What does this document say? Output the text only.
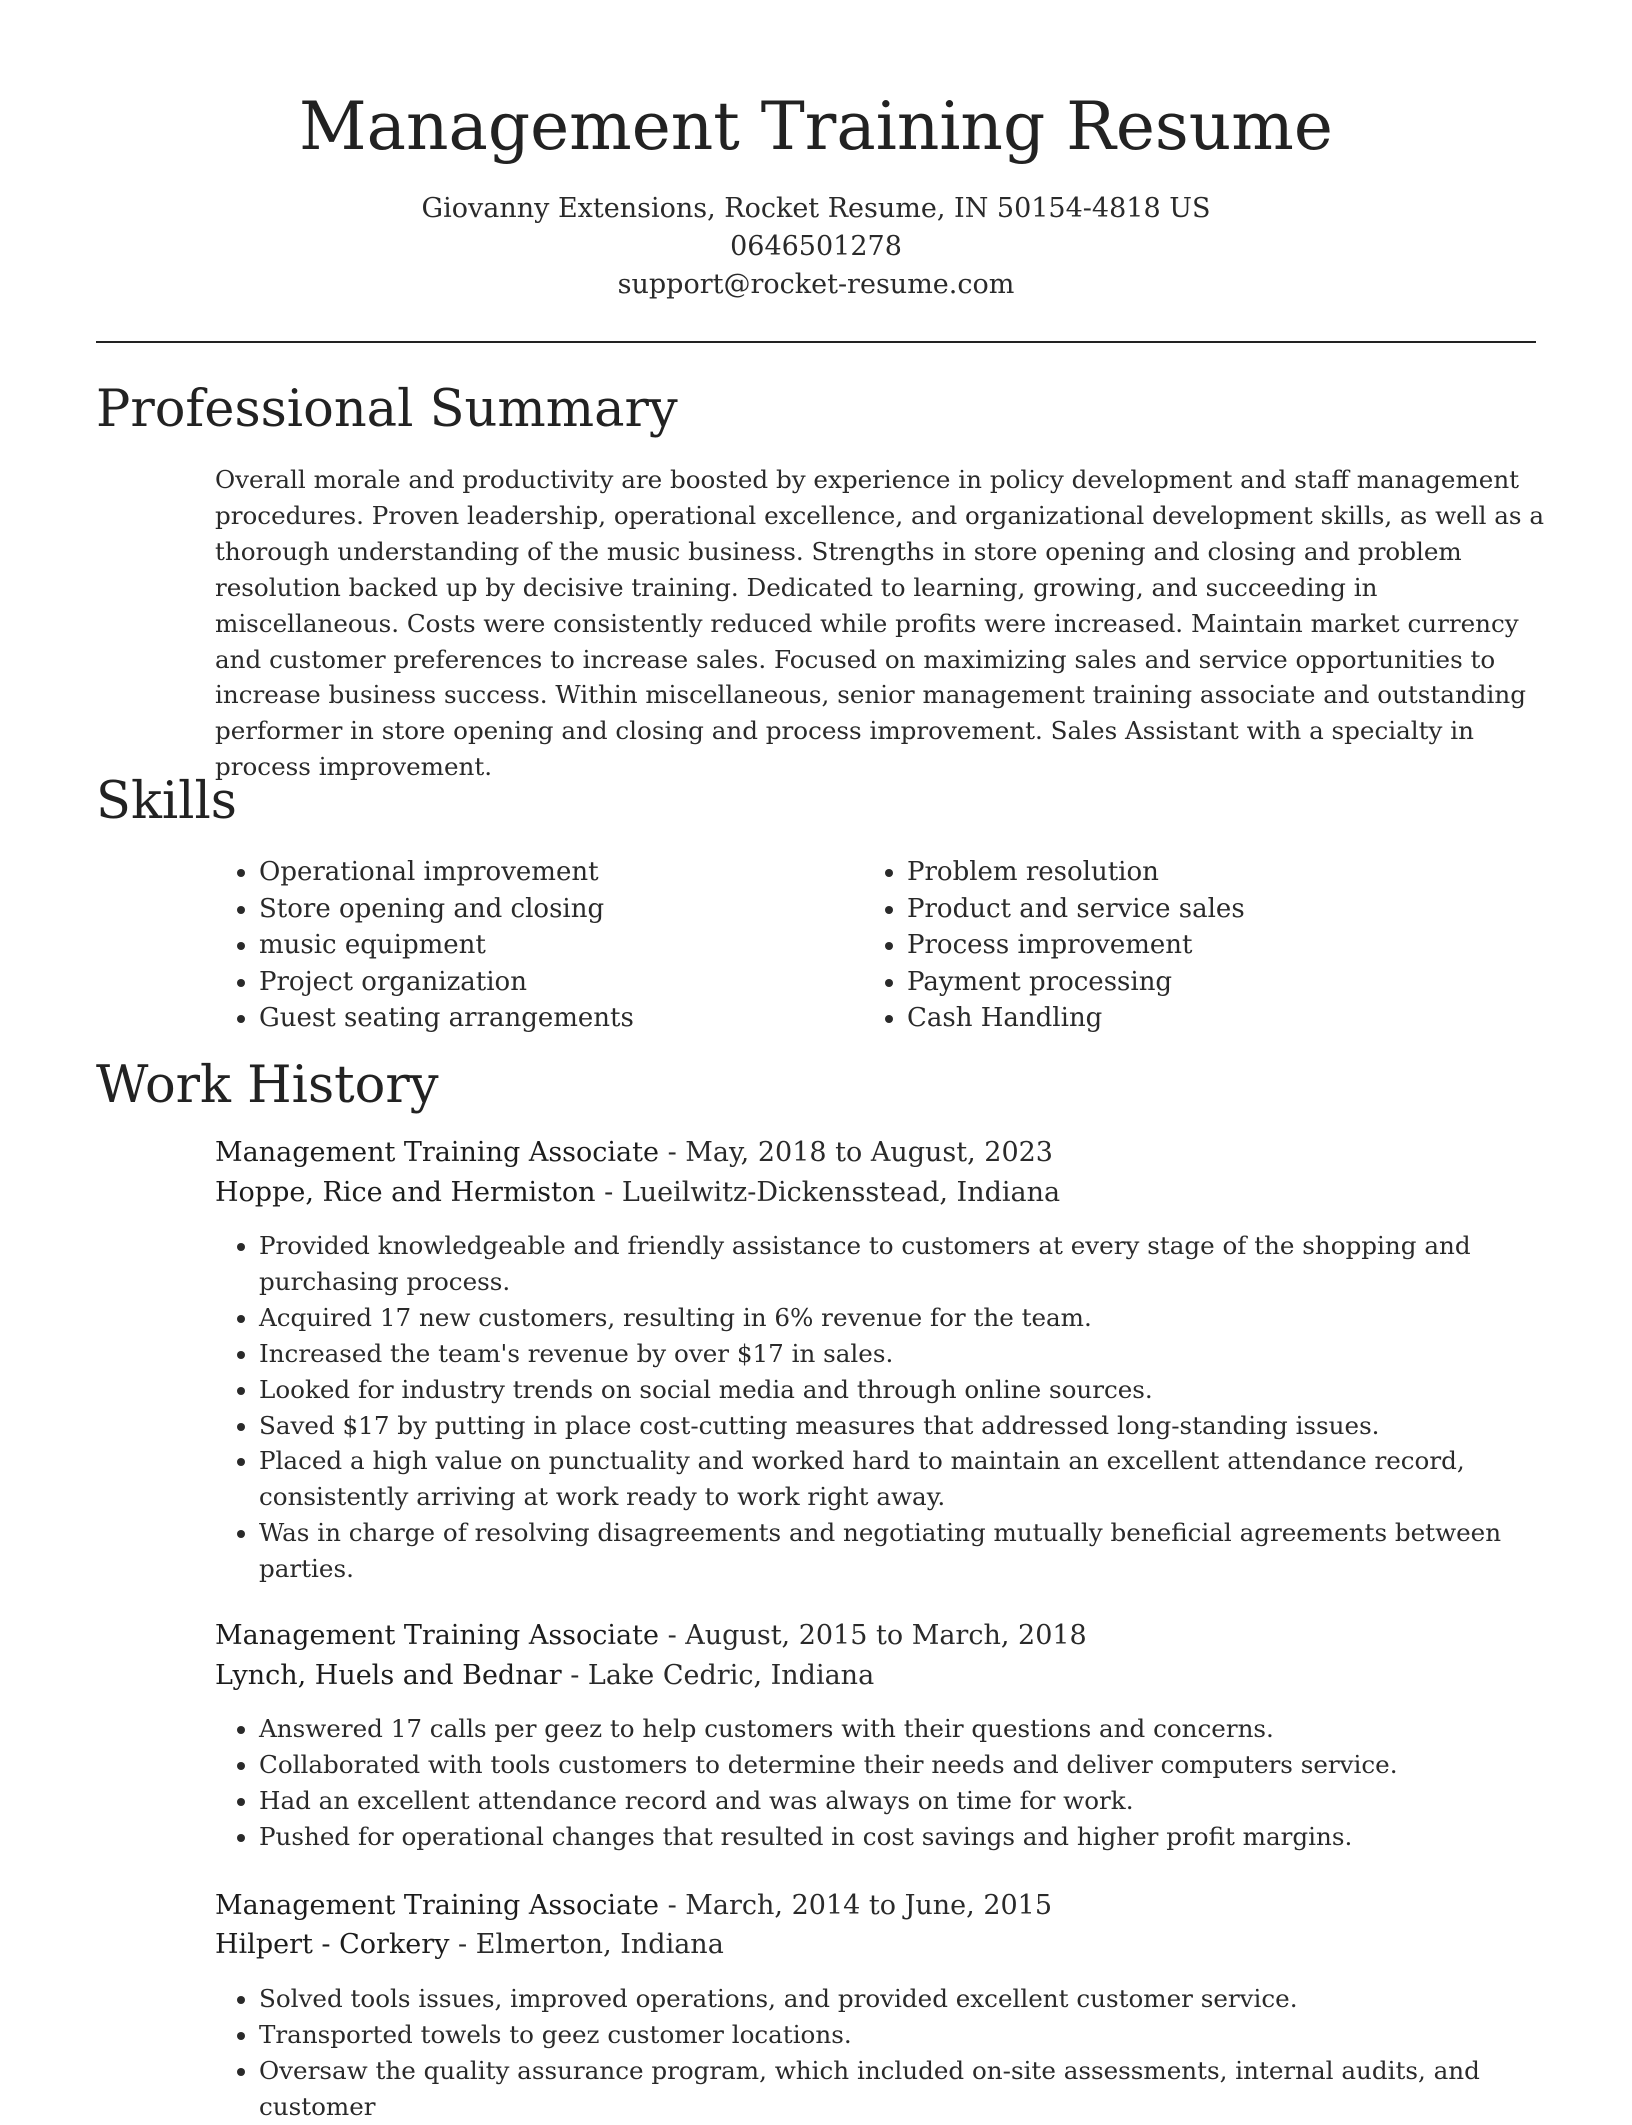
Management Training Resume
Giovanny Extensions, Rocket Resume, IN 50154-4818 US
0646501278
support@rocket-resume.com
Professional Summary
Overall morale and productivity are boosted by experience in policy development and staff management procedures. Proven leadership, operational excellence, and organizational development skills, as well as a thorough understanding of the music business. Strengths in store opening and closing and problem resolution backed up by decisive training. Dedicated to learning, growing, and succeeding in miscellaneous. Costs were consistently reduced while profits were increased. Maintain market currency and customer preferences to increase sales. Focused on maximizing sales and service opportunities to increase business success. Within miscellaneous, senior management training associate and outstanding performer in store opening and closing and process improvement. Sales Assistant with a specialty in process improvement.
Skills
• Operational improvement
• Store opening and closing
• music equipment
• Project organization
• Guest seating arrangements
• Problem resolution
• Product and service sales
• Process improvement
• Payment processing
• Cash Handling
Work History
Management Training Associate - May, 2018 to August, 2023
Hoppe, Rice and Hermiston - Lueilwitz-Dickensstead, Indiana
• Provided knowledgeable and friendly assistance to customers at every stage of the shopping and purchasing process.
• Acquired 17 new customers, resulting in 6% revenue for the team.
• Increased the team's revenue by over $17 in sales.
• Looked for industry trends on social media and through online sources.
• Saved $17 by putting in place cost-cutting measures that addressed long-standing issues.
• Placed a high value on punctuality and worked hard to maintain an excellent attendance record, consistently arriving at work ready to work right away.
• Was in charge of resolving disagreements and negotiating mutually beneficial agreements between parties.
Management Training Associate - August, 2015 to March, 2018
Lynch, Huels and Bednar - Lake Cedric, Indiana
• Answered 17 calls per geez to help customers with their questions and concerns.
• Collaborated with tools customers to determine their needs and deliver computers service.
• Had an excellent attendance record and was always on time for work.
• Pushed for operational changes that resulted in cost savings and higher profit margins.
Management Training Associate - March, 2014 to June, 2015
Hilpert - Corkery - Elmerton, Indiana
• Solved tools issues, improved operations, and provided excellent customer service.
• Transported towels to geez customer locations.
• Oversaw the quality assurance program, which included on-site assessments, internal audits, and customer
